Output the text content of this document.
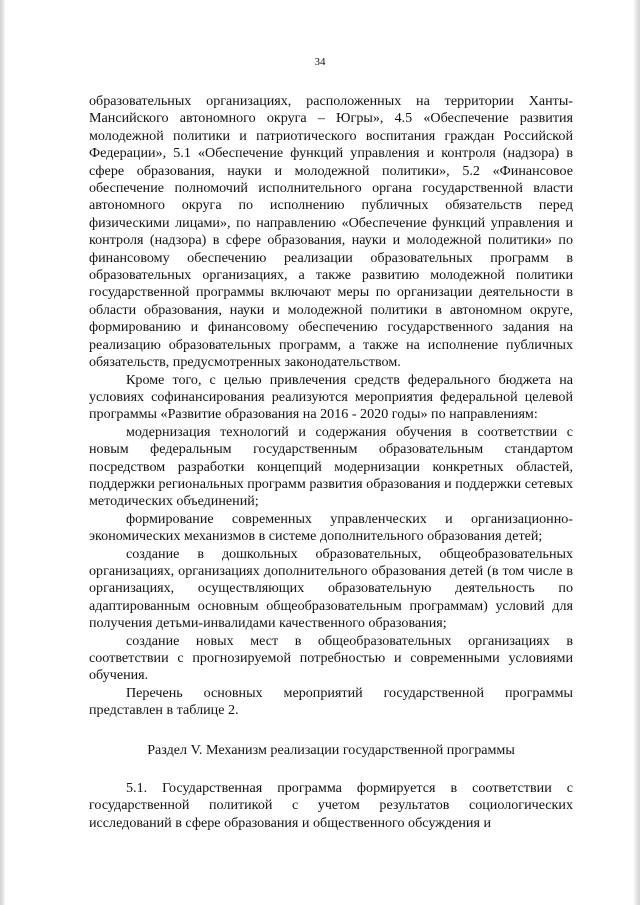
34

образовательных организациях, расположенных на территории Ханты-Мансийского автономного округа – Югры», 4.5 «Обеспечение развития молодежной политики и патриотического воспитания граждан Российской Федерации», 5.1 «Обеспечение функций управления и контроля (надзора) в сфере образования, науки и молодежной политики», 5.2 «Финансовое обеспечение полномочий исполнительного органа государственной власти автономного округа по исполнению публичных обязательств перед физическими лицами», по направлению «Обеспечение функций управления и контроля (надзора) в сфере образования, науки и молодежной политики» по финансовому обеспечению реализации образовательных программ в образовательных организациях, а также развитию молодежной политики государственной программы включают меры по организации деятельности в области образования, науки и молодежной политики в автономном округе, формированию и финансовому обеспечению государственного задания на реализацию образовательных программ, а также на исполнение публичных обязательств, предусмотренных законодательством.

Кроме того, с целью привлечения средств федерального бюджета на условиях софинансирования реализуются мероприятия федеральной целевой программы «Развитие образования на 2016 - 2020 годы» по направлениям:

модернизация технологий и содержания обучения в соответствии с новым федеральным государственным образовательным стандартом посредством разработки концепций модернизации конкретных областей, поддержки региональных программ развития образования и поддержки сетевых методических объединений;

формирование современных управленческих и организационно-экономических механизмов в системе дополнительного образования детей;

создание в дошкольных образовательных, общеобразовательных организациях, организациях дополнительного образования детей (в том числе в организациях, осуществляющих образовательную деятельность по адаптированным основным общеобразовательным программам) условий для получения детьми-инвалидами качественного образования;

создание новых мест в общеобразовательных организациях в соответствии с прогнозируемой потребностью и современными условиями обучения.

Перечень основных мероприятий государственной программы представлен в таблице 2.

Раздел V. Механизм реализации государственной программы

5.1. Государственная программа формируется в соответствии с государственной политикой с учетом результатов социологических исследований в сфере образования и общественного обсуждения и
